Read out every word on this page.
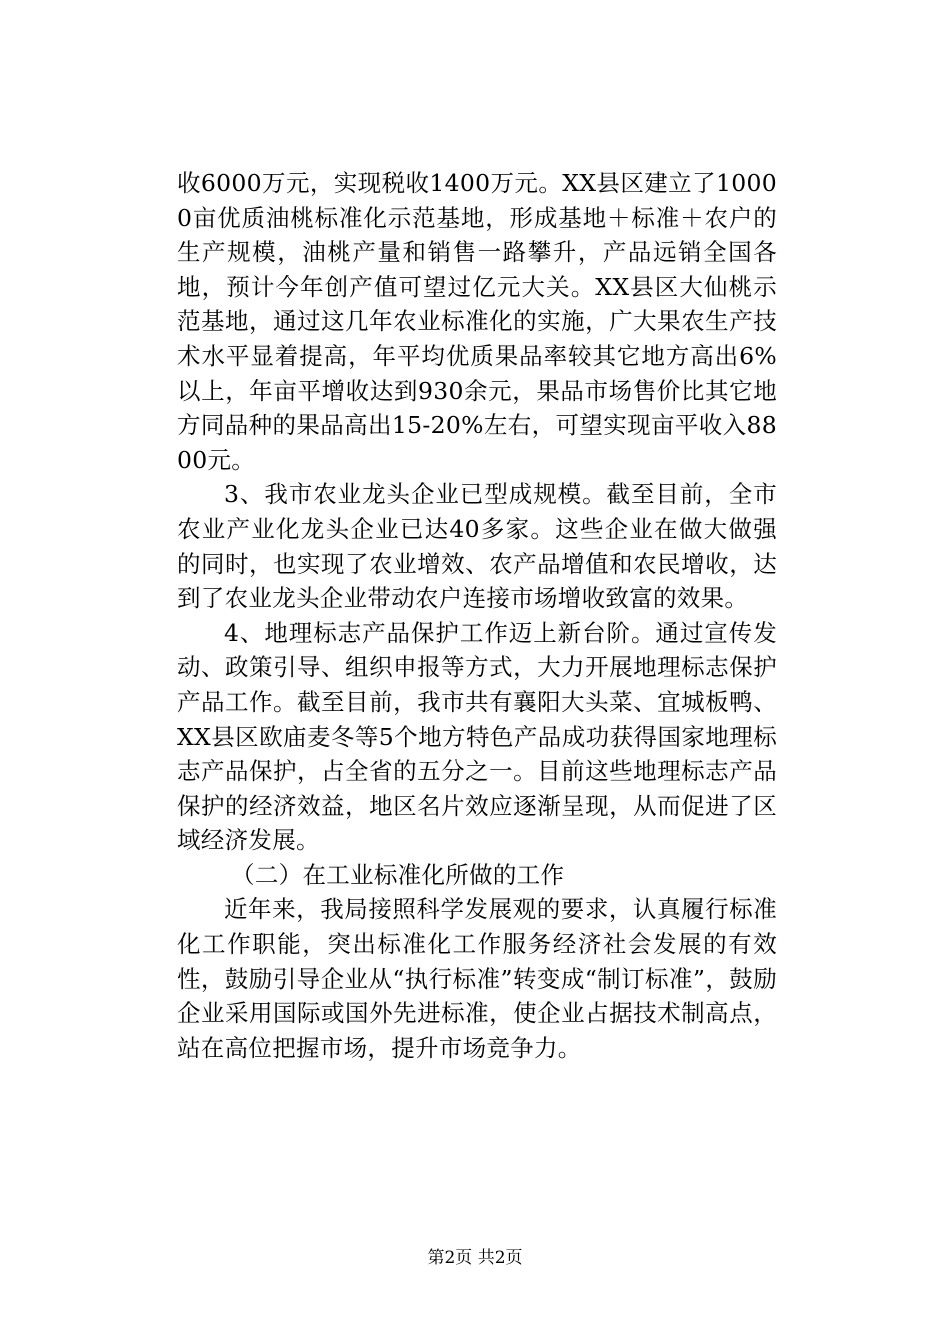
收6000万元，实现税收1400万元。XX县区建立了10000亩优质油桃标准化示范基地，形成基地＋标准＋农户的生产规模，油桃产量和销售一路攀升，产品远销全国各地，预计今年创产值可望过亿元大关。XX县区大仙桃示范基地，通过这几年农业标准化的实施，广大果农生产技术水平显着提高，年平均优质果品率较其它地方高出6%以上，年亩平增收达到930余元，果品市场售价比其它地方同品种的果品高出15-20%左右，可望实现亩平收入8800元。

3、我市农业龙头企业已型成规模。截至目前，全市农业产业化龙头企业已达40多家。这些企业在做大做强的同时，也实现了农业增效、农产品增值和农民增收，达到了农业龙头企业带动农户连接市场增收致富的效果。

4、地理标志产品保护工作迈上新台阶。通过宣传发动、政策引导、组织申报等方式，大力开展地理标志保护产品工作。截至目前，我市共有襄阳大头菜、宜城板鸭、XX县区欧庙麦冬等5个地方特色产品成功获得国家地理标志产品保护，占全省的五分之一。目前这些地理标志产品保护的经济效益，地区名片效应逐渐呈现，从而促进了区域经济发展。

（二）在工业标准化所做的工作

近年来，我局接照科学发展观的要求，认真履行标准化工作职能，突出标准化工作服务经济社会发展的有效性，鼓励引导企业从“执行标准”转变成“制订标准”，鼓励企业采用国际或国外先进标准，使企业占据技术制高点，站在高位把握市场，提升市场竞争力。

第2页 共2页
